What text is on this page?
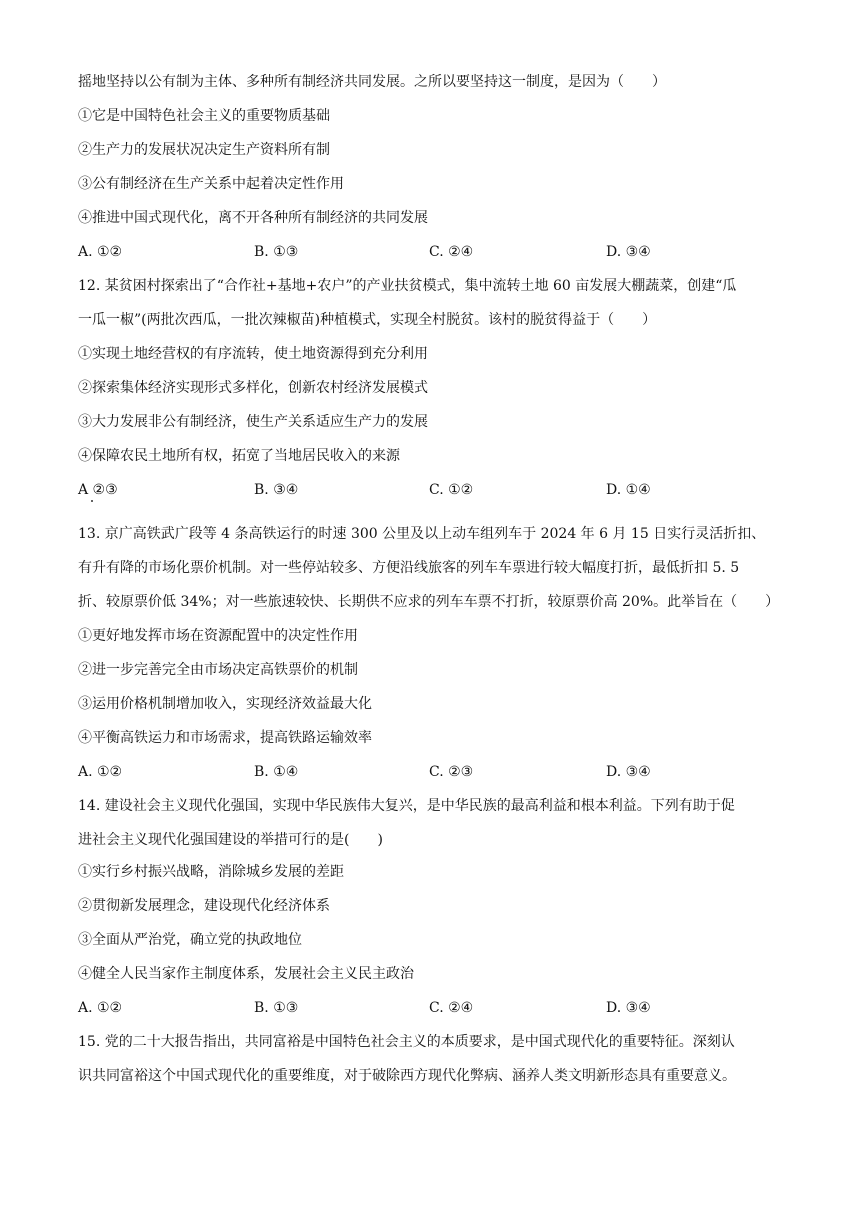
摇地坚持以公有制为主体、多种所有制经济共同发展。之所以要坚持这一制度，是因为（　　）
①它是中国特色社会主义的重要物质基础
②生产力的发展状况决定生产资料所有制
③公有制经济在生产关系中起着决定性作用
④推进中国式现代化，离不开各种所有制经济的共同发展
A. ①②	B. ①③	C. ②④	D. ③④
12. 某贫困村探索出了“合作社+基地+农户”的产业扶贫模式，集中流转土地 60 亩发展大棚蔬菜，创建“瓜
一瓜一椒”(两批次西瓜，一批次辣椒苗)种植模式，实现全村脱贫。该村的脱贫得益于（　　）
①实现土地经营权的有序流转，使土地资源得到充分利用
②探索集体经济实现形式多样化，创新农村经济发展模式
③大力发展非公有制经济，使生产关系适应生产力的发展
④保障农民土地所有权，拓宽了当地居民收入的来源
A ②③	B. ③④	C. ①②	D. ①④
13. 京广高铁武广段等 4 条高铁运行的时速 300 公里及以上动车组列车于 2024 年 6 月 15 日实行灵活折扣、
有升有降的市场化票价机制。对一些停站较多、方便沿线旅客的列车车票进行较大幅度打折，最低折扣 5. 5
折、较原票价低 34%；对一些旅速较快、长期供不应求的列车车票不打折，较原票价高 20%。此举旨在（　　）
①更好地发挥市场在资源配置中的决定性作用
②进一步完善完全由市场决定高铁票价的机制
③运用价格机制增加收入，实现经济效益最大化
④平衡高铁运力和市场需求，提高铁路运输效率
A. ①②	B. ①④	C. ②③	D. ③④
14. 建设社会主义现代化强国，实现中华民族伟大复兴，是中华民族的最高利益和根本利益。下列有助于促
进社会主义现代化强国建设的举措可行的是(　　)
①实行乡村振兴战略，消除城乡发展的差距
②贯彻新发展理念，建设现代化经济体系
③全面从严治党，确立党的执政地位
④健全人民当家作主制度体系，发展社会主义民主政治
A. ①②	B. ①③	C. ②④	D. ③④
15. 党的二十大报告指出，共同富裕是中国特色社会主义的本质要求，是中国式现代化的重要特征。深刻认
识共同富裕这个中国式现代化的重要维度，对于破除西方现代化弊病、涵养人类文明新形态具有重要意义。
